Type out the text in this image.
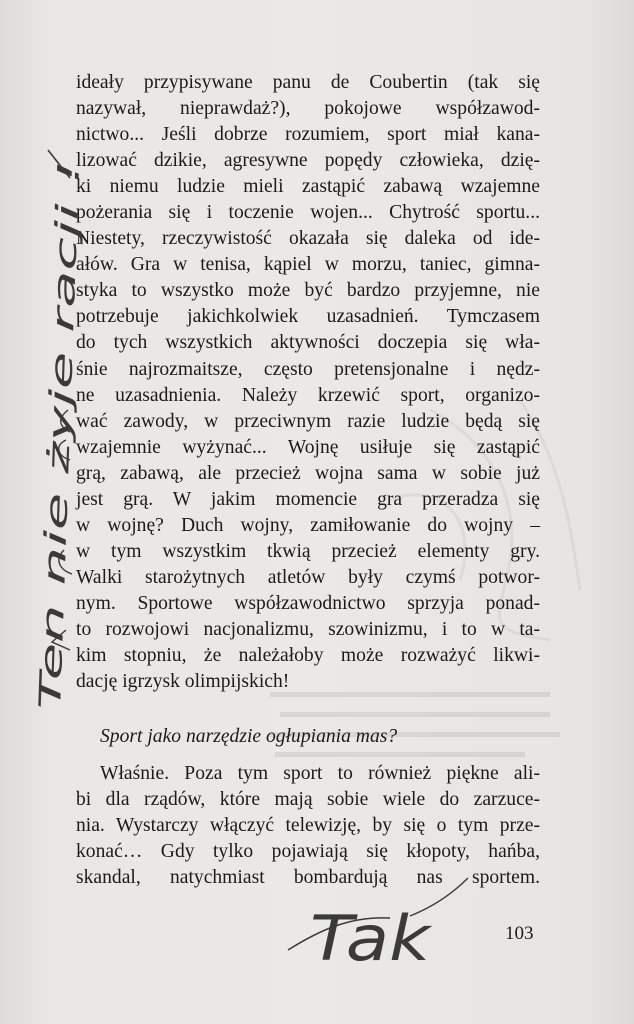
ideały przypisywane panu de Coubertin (tak się
nazywał, nieprawdaż?), pokojowe współzawod-
nictwo... Jeśli dobrze rozumiem, sport miał kana-
lizować dzikie, agresywne popędy człowieka, dzię-
ki niemu ludzie mieli zastąpić zabawą wzajemne
pożerania się i toczenie wojen... Chytrość sportu...
Niestety, rzeczywistość okazała się daleka od ide-
ałów. Gra w tenisa, kąpiel w morzu, taniec, gimna-
styka to wszystko może być bardzo przyjemne, nie
potrzebuje jakichkolwiek uzasadnień. Tymczasem
do tych wszystkich aktywności doczepia się wła-
śnie najrozmaitsze, często pretensjonalne i nędz-
ne uzasadnienia. Należy krzewić sport, organizo-
wać zawody, w przeciwnym razie ludzie będą się
wzajemnie wyżynać... Wojnę usiłuje się zastąpić
grą, zabawą, ale przecież wojna sama w sobie już
jest grą. W jakim momencie gra przeradza się
w wojnę? Duch wojny, zamiłowanie do wojny –
w tym wszystkim tkwią przecież elementy gry.
Walki starożytnych atletów były czymś potwor-
nym. Sportowe współzawodnictwo sprzyja ponad-
to rozwojowi nacjonalizmu, szowinizmu, i to w ta-
kim stopniu, że należałoby może rozważyć likwi-
dację igrzysk olimpijskich!
Sport jako narzędzie ogłupiania mas?
Właśnie. Poza tym sport to również piękne ali-
bi dla rządów, które mają sobie wiele do zarzuce-
nia. Wystarczy włączyć telewizję, by się o tym prze-
konać… Gdy tylko pojawiają się kłopoty, hańba,
skandal, natychmiast bombardują nas sportem.
103
Ten nie żyje racji !
Tak
